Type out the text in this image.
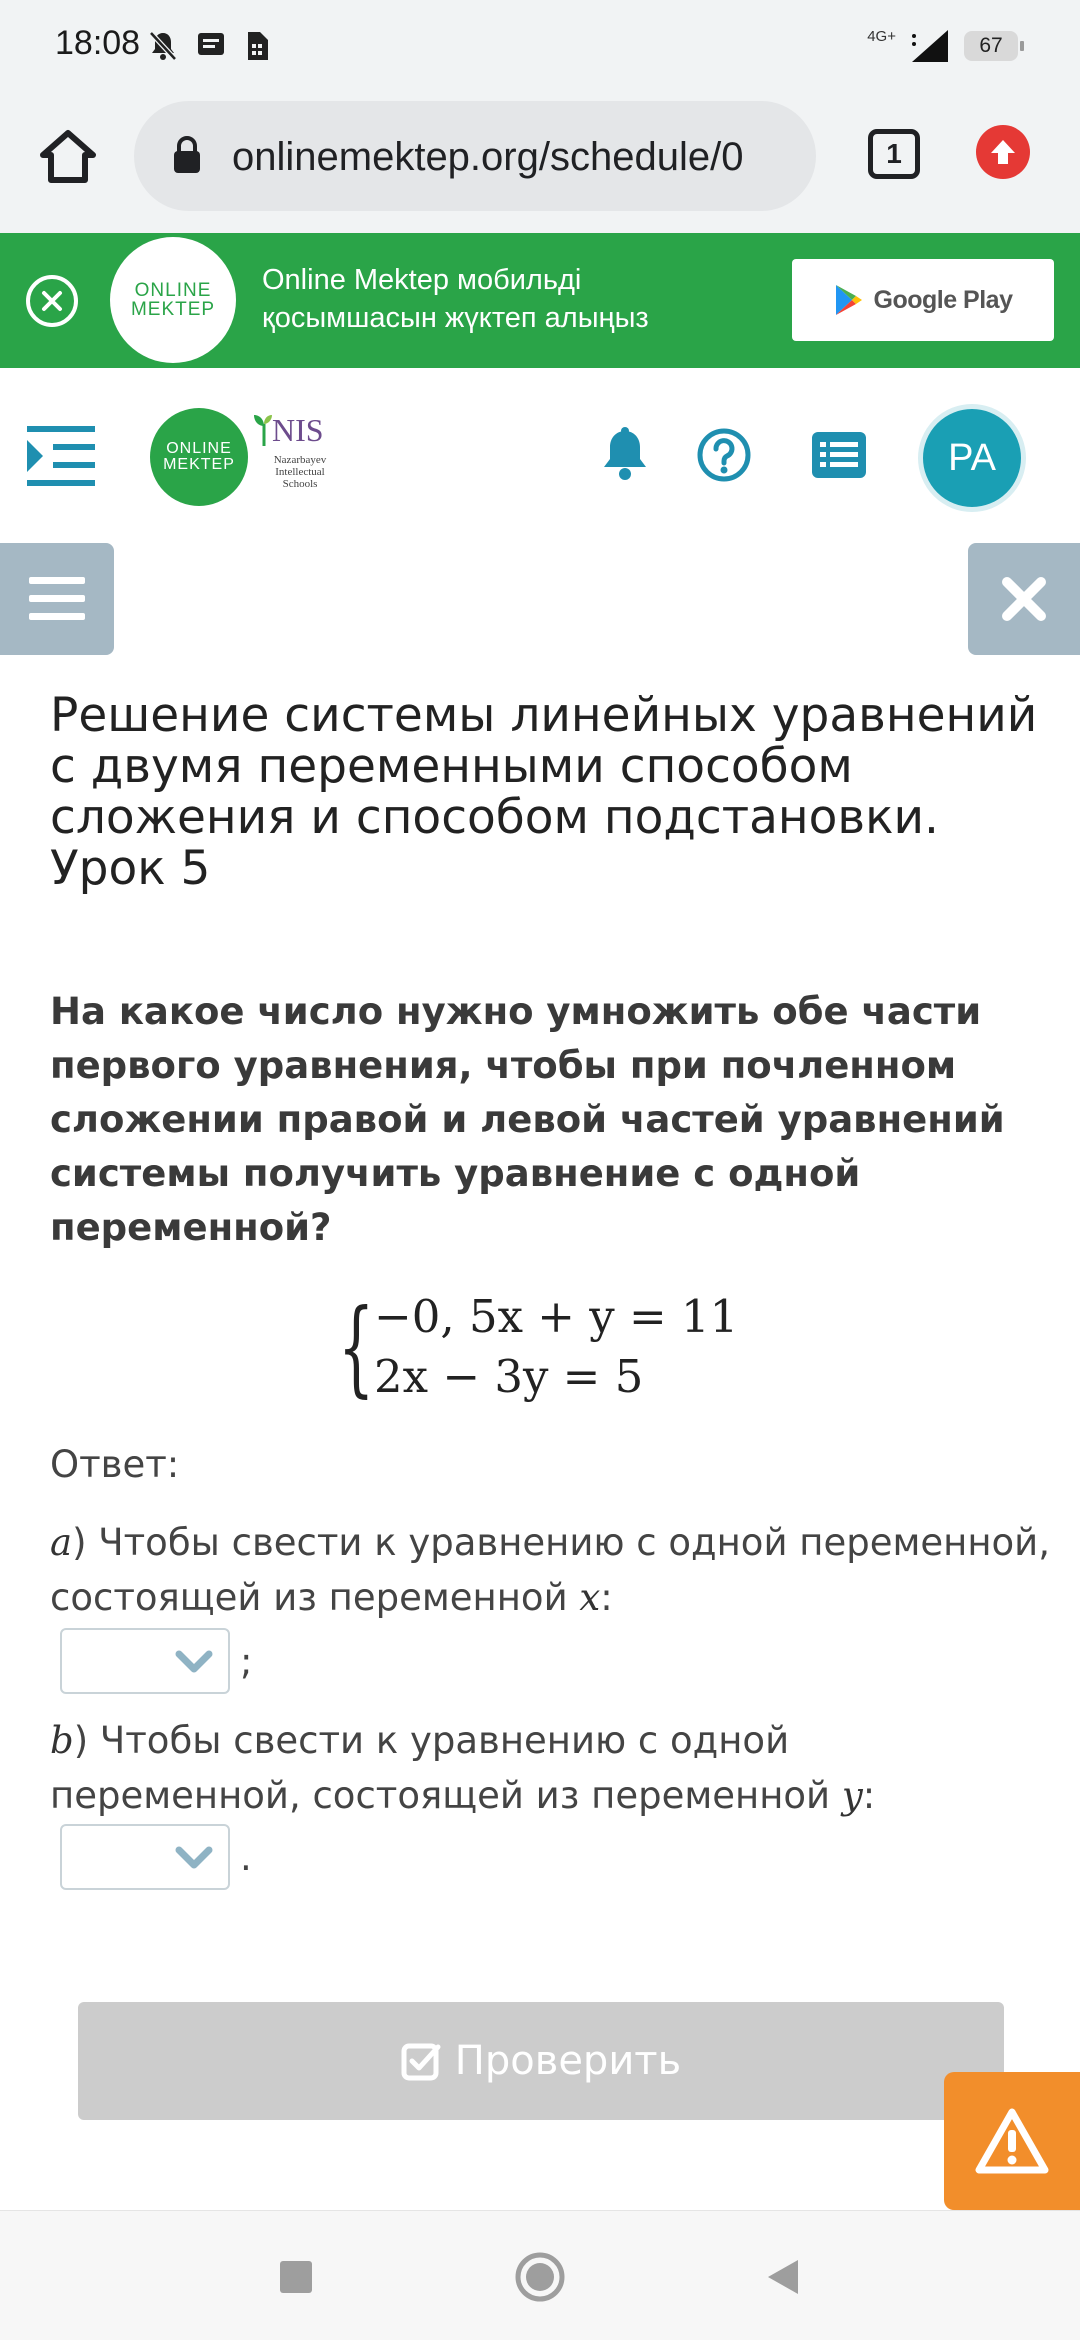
18:08	4G+	67
onlinemektep.org/schedule/0	1
ONLINE
MEKTEP
Online Mektep мобильді қосымшасын жүктеп алыңыз
Google Play
ONLINE
MEKTEP
NIS
Nazarbayev Intellectual Schools
PA
Решение системы линейных уравнений с двумя переменными способом сложения и способом подстановки. Урок 5
На какое число нужно умножить обе части первого уравнения, чтобы при почленном сложении правой и левой частей уравнений системы получить уравнение с одной переменной?
{ −0, 5x + y = 11
2x − 3y = 5
Ответ:
a) Чтобы свести к уравнению с одной переменной, состоящей из переменной x:
;
b) Чтобы свести к уравнению с одной переменной, состоящей из переменной y:
.
Проверить
